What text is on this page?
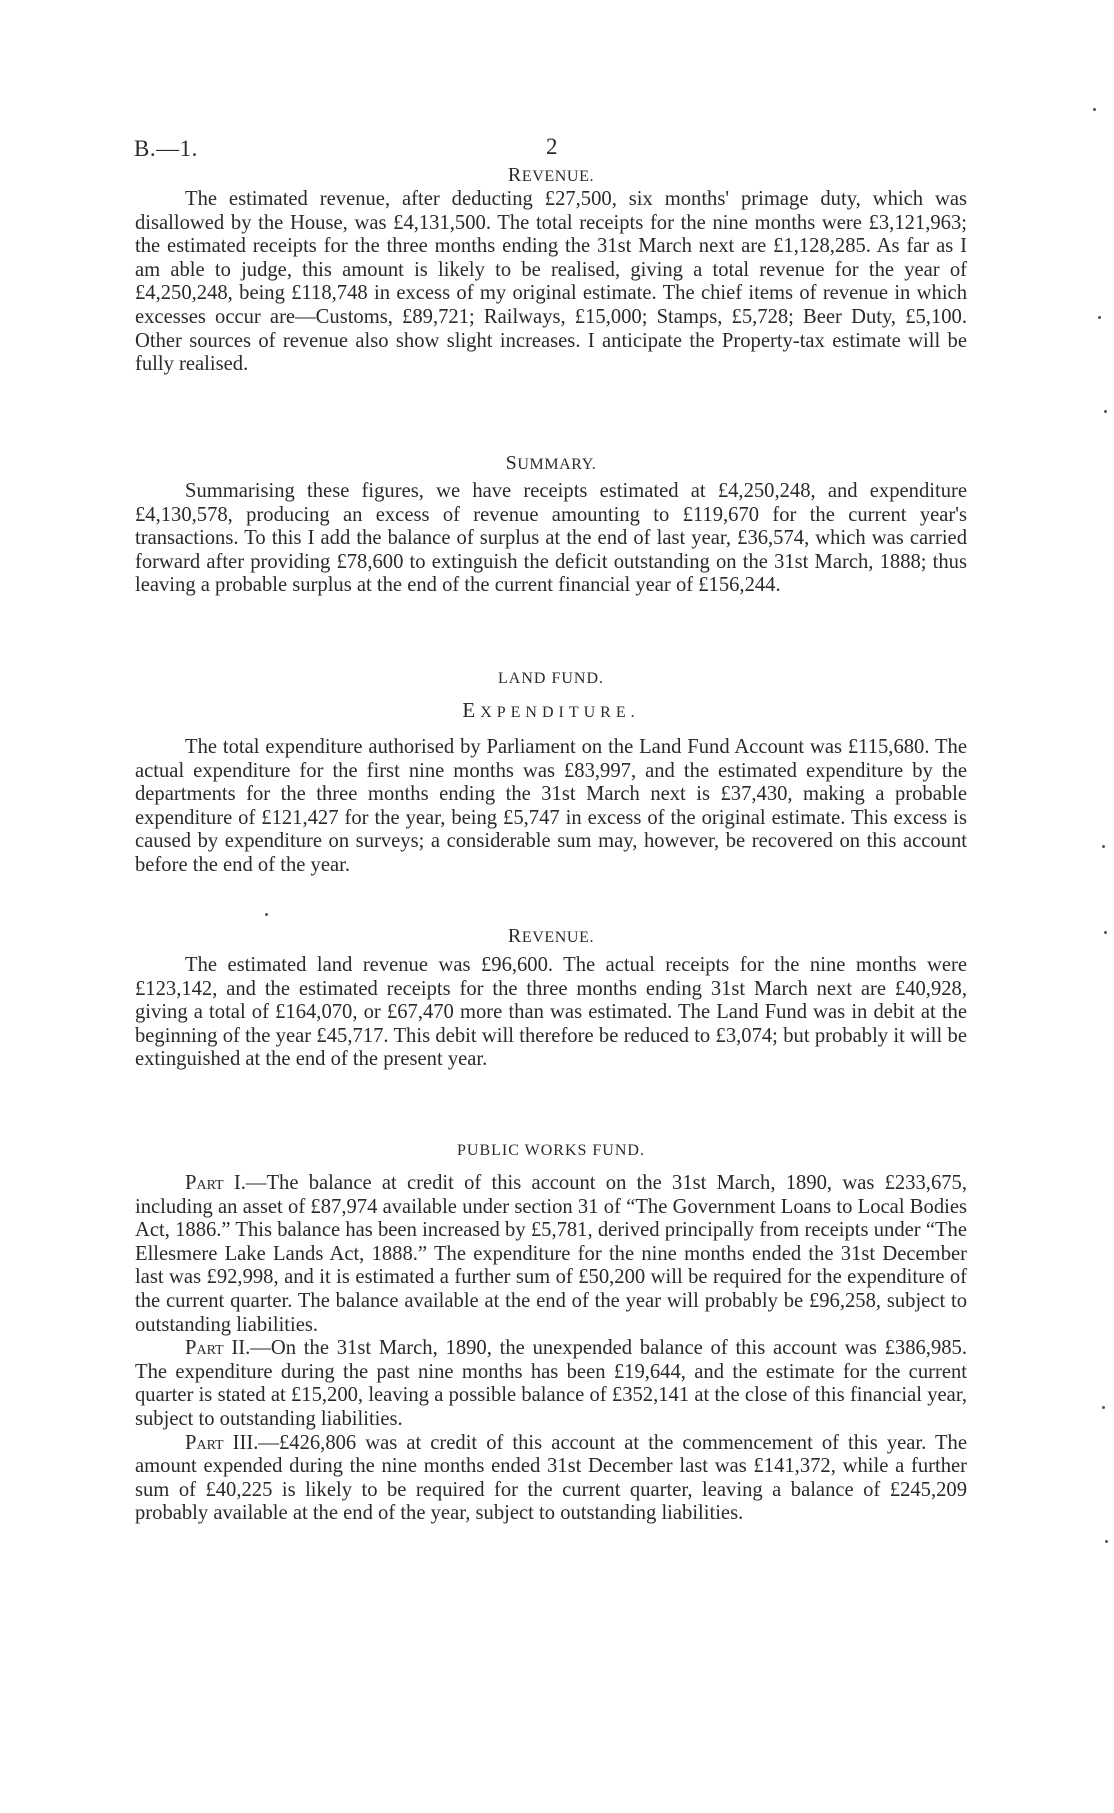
B.—1.	2
REVENUE.

The estimated revenue, after deducting £27,500, six months' primage duty, which was disallowed by the House, was £4,131,500. The total receipts for the nine months were £3,121,963; the estimated receipts for the three months ending the 31st March next are £1,128,285. As far as I am able to judge, this amount is likely to be realised, giving a total revenue for the year of £4,250,248, being £118,748 in excess of my original estimate. The chief items of revenue in which excesses occur are—Customs, £89,721; Railways, £15,000; Stamps, £5,728; Beer Duty, £5,100. Other sources of revenue also show slight increases. I anticipate the Property-tax estimate will be fully realised.

SUMMARY.

Summarising these figures, we have receipts estimated at £4,250,248, and expenditure £4,130,578, producing an excess of revenue amounting to £119,670 for the current year's transactions. To this I add the balance of surplus at the end of last year, £36,574, which was carried forward after providing £78,600 to extinguish the deficit outstanding on the 31st March, 1888; thus leaving a probable surplus at the end of the current financial year of £156,244.

LAND FUND.
EXPENDITURE.

The total expenditure authorised by Parliament on the Land Fund Account was £115,680. The actual expenditure for the first nine months was £83,997, and the estimated expenditure by the departments for the three months ending the 31st March next is £37,430, making a probable expenditure of £121,427 for the year, being £5,747 in excess of the original estimate. This excess is caused by expenditure on surveys; a considerable sum may, however, be recovered on this account before the end of the year.

REVENUE.

The estimated land revenue was £96,600. The actual receipts for the nine months were £123,142, and the estimated receipts for the three months ending 31st March next are £40,928, giving a total of £164,070, or £67,470 more than was estimated. The Land Fund was in debit at the beginning of the year £45,717. This debit will therefore be reduced to £3,074; but probably it will be extinguished at the end of the present year.

PUBLIC WORKS FUND.

Part I.—The balance at credit of this account on the 31st March, 1890, was £233,675, including an asset of £87,974 available under section 31 of “The Government Loans to Local Bodies Act, 1886.” This balance has been increased by £5,781, derived principally from receipts under “The Ellesmere Lake Lands Act, 1888.” The expenditure for the nine months ended the 31st December last was £92,998, and it is estimated a further sum of £50,200 will be required for the expenditure of the current quarter. The balance available at the end of the year will probably be £96,258, subject to outstanding liabilities.

Part II.—On the 31st March, 1890, the unexpended balance of this account was £386,985. The expenditure during the past nine months has been £19,644, and the estimate for the current quarter is stated at £15,200, leaving a possible balance of £352,141 at the close of this financial year, subject to outstanding liabilities.

Part III.—£426,806 was at credit of this account at the commencement of this year. The amount expended during the nine months ended 31st December last was £141,372, while a further sum of £40,225 is likely to be required for the current quarter, leaving a balance of £245,209 probably available at the end of the year, subject to outstanding liabilities.
